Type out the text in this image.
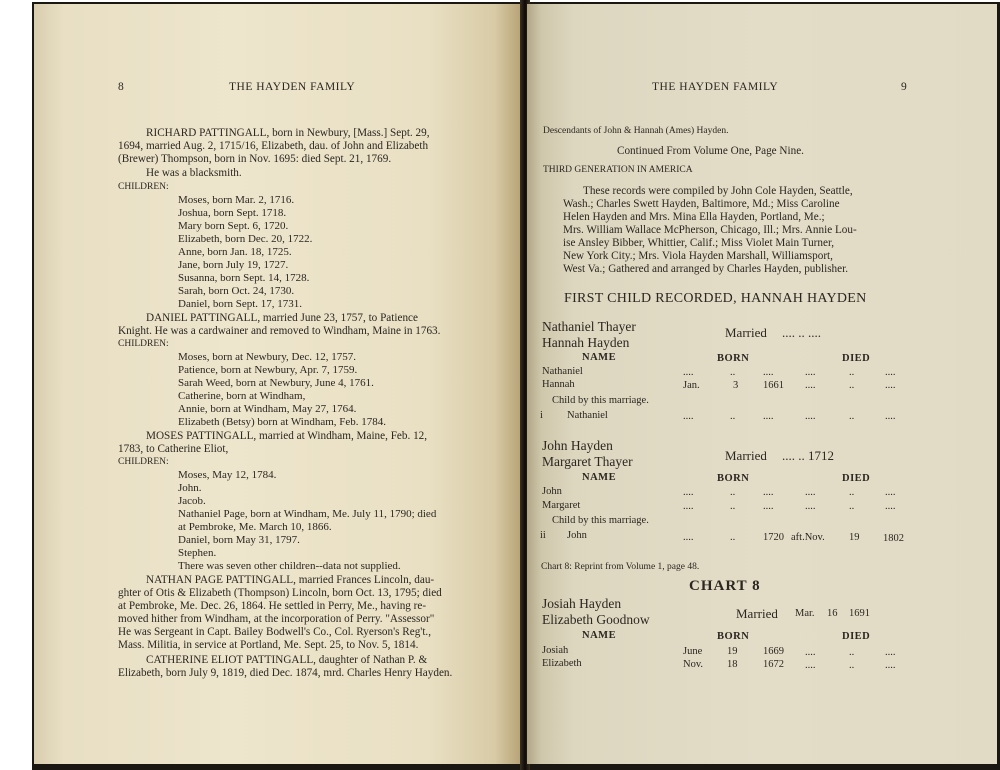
8	THE HAYDEN FAMILY
RICHARD PATTINGALL, born in Newbury, [Mass.] Sept. 29,
1694, married Aug. 2, 1715/16, Elizabeth, dau. of John and Elizabeth
(Brewer) Thompson, born in Nov. 1695: died Sept. 21, 1769.
He was a blacksmith.
CHILDREN:
Moses, born Mar. 2, 1716.
Joshua, born Sept. 1718.
Mary born Sept. 6, 1720.
Elizabeth, born Dec. 20, 1722.
Anne, born Jan. 18, 1725.
Jane, born July 19, 1727.
Susanna, born Sept. 14, 1728.
Sarah, born Oct. 24, 1730.
Daniel, born Sept. 17, 1731.
DANIEL PATTINGALL, married June 23, 1757, to Patience
Knight. He was a cardwainer and removed to Windham, Maine in 1763.
CHILDREN:
Moses, born at Newbury, Dec. 12, 1757.
Patience, born at Newbury, Apr. 7, 1759.
Sarah Weed, born at Newbury, June 4, 1761.
Catherine, born at Windham,
Annie, born at Windham, May 27, 1764.
Elizabeth (Betsy) born at Windham, Feb. 1784.
MOSES PATTINGALL, married at Windham, Maine, Feb. 12,
1783, to Catherine Eliot,
CHILDREN:
Moses, May 12, 1784.
John.
Jacob.
Nathaniel Page, born at Windham, Me. July 11, 1790; died
at Pembroke, Me. March 10, 1866.
Daniel, born May 31, 1797.
Stephen.
There was seven other children--data not supplied.
NATHAN PAGE PATTINGALL, married Frances Lincoln, dau-
ghter of Otis & Elizabeth (Thompson) Lincoln, born Oct. 13, 1795; died
at Pembroke, Me. Dec. 26, 1864. He settled in Perry, Me., having re-
moved hither from Windham, at the incorporation of Perry. "Assessor"
He was Sergeant in Capt. Bailey Bodwell's Co., Col. Ryerson's Reg't.,
Mass. Militia, in service at Portland, Me. Sept. 25, to Nov. 5, 1814.
CATHERINE ELIOT PATTINGALL, daughter of Nathan P. &
Elizabeth, born July 9, 1819, died Dec. 1874, mrd. Charles Henry Hayden.
THE HAYDEN FAMILY	9
Descendants of John & Hannah (Ames) Hayden.
Continued From Volume One, Page Nine.
THIRD GENERATION IN AMERICA
These records were compiled by John Cole Hayden, Seattle,
Wash.; Charles Swett Hayden, Baltimore, Md.; Miss Caroline
Helen Hayden and Mrs. Mina Ella Hayden, Portland, Me.;
Mrs. William Wallace McPherson, Chicago, Ill.; Mrs. Annie Lou-
ise Ansley Bibber, Whittier, Calif.; Miss Violet Main Turner,
New York City.; Mrs. Viola Hayden Marshall, Williamsport,
West Va.; Gathered and arranged by Charles Hayden, publisher.
FIRST CHILD RECORDED, HANNAH HAYDEN
Nathaniel Thayer
Hannah Hayden
Married .... .. ....
NAME	BORN	DIED
Nathaniel	....	..	....	....	..	....
Hannah	Jan.	3 1661 ....	..	....
Child by this marriage.
i Nathaniel	....	..	....	....	..	....
John Hayden
Margaret Thayer	Married .... .. 1712
NAME	BORN	DIED
John	....	..	....	....	..	....
Margaret	....	..	....	....	..	....
Child by this marriage.
ii John	....	..	1720 aft.Nov. 19 1802
Chart 8: Reprint from Volume 1, page 48.
CHART 8
Josiah Hayden
Elizabeth Goodnow	Married Mar. 16 1691
NAME	BORN	DIED
Josiah	June 19 1669 ....	..	....
Elizabeth	Nov. 18 1672 ....	..	....
